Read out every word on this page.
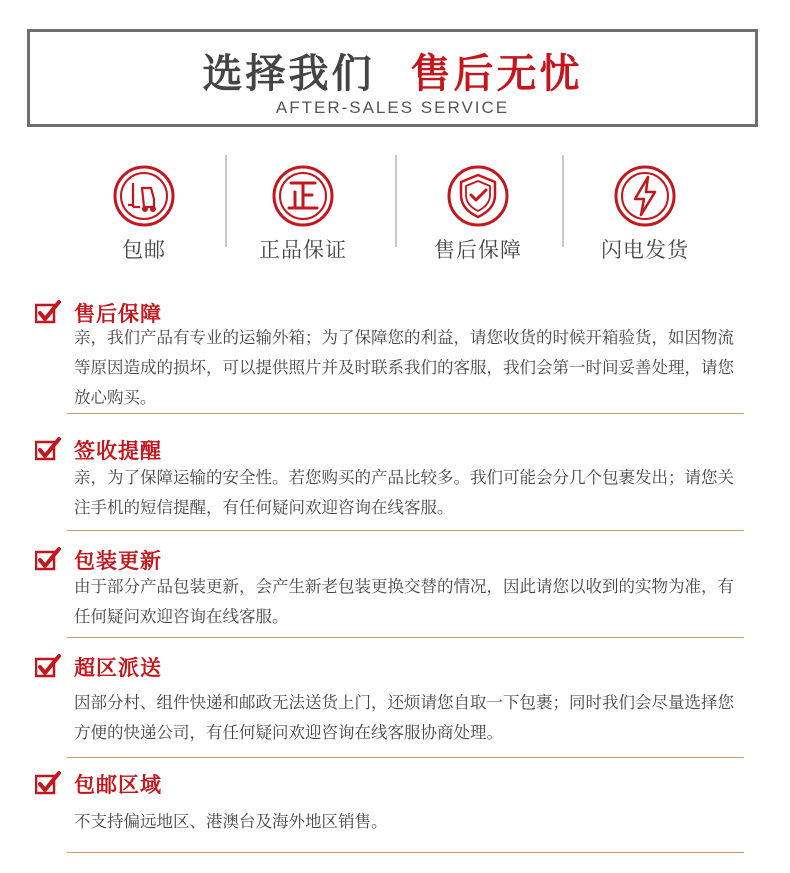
选择我们 售后无忧
AFTER-SALES SERVICE
包邮	正品保证	售后保障	闪电发货
售后保障
亲，我们产品有专业的运输外箱；为了保障您的利益，请您收货的时候开箱验货，如因物流等原因造成的损坏，可以提供照片并及时联系我们的客服，我们会第一时间妥善处理，请您放心购买。
签收提醒
亲，为了保障运输的安全性。若您购买的产品比较多。我们可能会分几个包裹发出；请您关注手机的短信提醒，有任何疑问欢迎咨询在线客服。
包装更新
由于部分产品包装更新，会产生新老包装更换交替的情况，因此请您以收到的实物为准，有任何疑问欢迎咨询在线客服。
超区派送
因部分村、组件快递和邮政无法送货上门，还烦请您自取一下包裹；同时我们会尽量选择您方便的快递公司，有任何疑问欢迎咨询在线客服协商处理。
包邮区域
不支持偏远地区、港澳台及海外地区销售。
